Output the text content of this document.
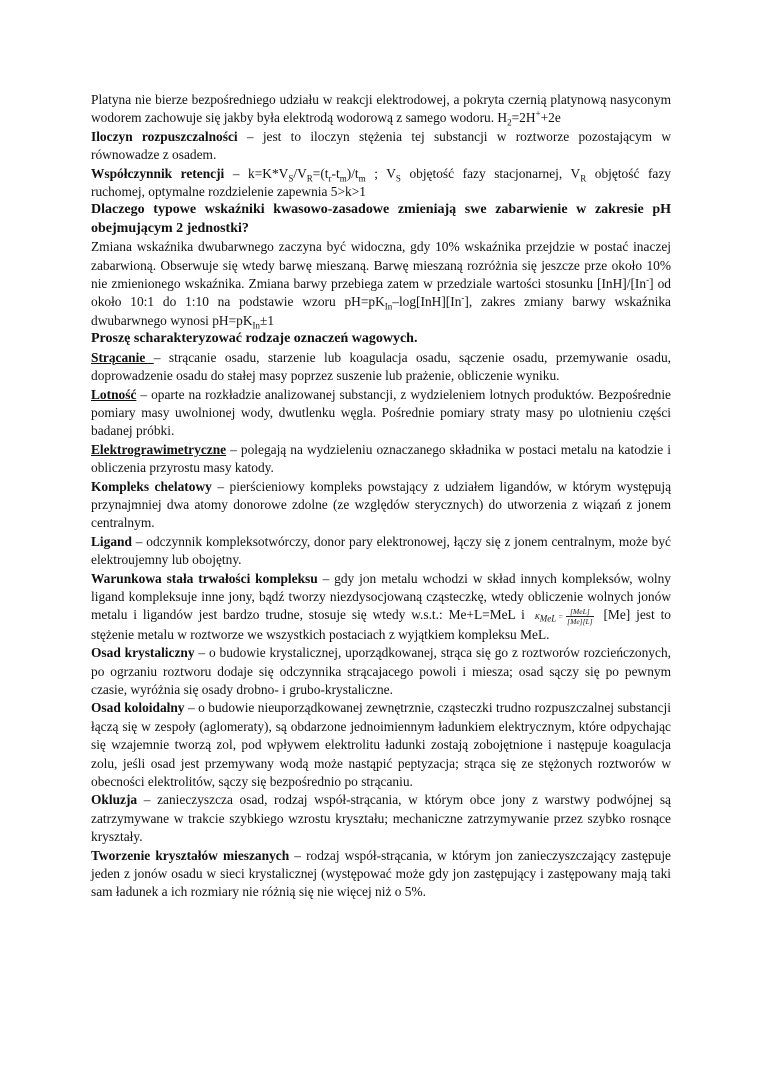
Platyna nie bierze bezpośredniego udziału w reakcji elektrodowej, a pokryta czernią platynową nasyconym wodorem zachowuje się jakby była elektrodą wodorową z samego wodoru. $H_2=2H^++2e$

Iloczyn rozpuszczalności – jest to iloczyn stężenia tej substancji w roztworze pozostającym w równowadze z osadem.

Współczynnik retencji – $k=K*V_S/V_R=(t_r-t_m)/t_m$ ; $V_S$ objętość fazy stacjonarnej, $V_R$ objętość fazy ruchomej, optymalne rozdzielenie zapewnia 5>k>1

Dlaczego typowe wskaźniki kwasowo-zasadowe zmieniają swe zabarwienie w zakresie pH obejmującym 2 jednostki?

Zmiana wskaźnika dwubarwnego zaczyna być widoczna, gdy 10% wskaźnika przejdzie w postać inaczej zabarwioną. Obserwuje się wtedy barwę mieszaną. Barwę mieszaną rozróżnia się jeszcze prze około 10% nie zmienionego wskaźnika. Zmiana barwy przebiega zatem w przedziale wartości stosunku [InH]/[In-] od około 10:1 do 1:10 na podstawie wzoru $pH=pK_{In}-\log[InH][In^-]$, zakres zmiany barwy wskaźnika dwubarwnego wynosi $pH=pK_{In}\pm 1$

Proszę scharakteryzować rodzaje oznaczeń wagowych.

Strącanie – strącanie osadu, starzenie lub koagulacja osadu, sączenie osadu, przemywanie osadu, doprowadzenie osadu do stałej masy poprzez suszenie lub prażenie, obliczenie wyniku.

Lotność – oparte na rozkładzie analizowanej substancji, z wydzieleniem lotnych produktów. Bezpośrednie pomiary masy uwolnionej wody, dwutlenku węgla. Pośrednie pomiary straty masy po ulotnieniu części badanej próbki.

Elektrograwimetryczne – polegają na wydzieleniu oznaczanego składnika w postaci metalu na katodzie i obliczenia przyrostu masy katody.

Kompleks chelatowy – pierścieniowy kompleks powstający z udziałem ligandów, w którym występują przynajmniej dwa atomy donorowe zdolne (ze względów sterycznych) do utworzenia z wiązań z jonem centralnym.

Ligand – odczynnik kompleksotwórczy, donor pary elektronowej, łączy się z jonem centralnym, może być elektroujemny lub obojętny.

Warunkowa stała trwałości kompleksu – gdy jon metalu wchodzi w skład innych kompleksów, wolny ligand kompleksuje inne jony, bądź tworzy niezdysocjowaną cząsteczkę, wtedy obliczenie wolnych jonów metalu i ligandów jest bardzo trudne, stosuje się wtedy w.s.t.: Me+L=MeL i $K_{MeL} = \frac{\text{[MeL]}}{[Me][L]} [Me]$ jest to stężenie metalu w roztworze we wszystkich postaciach z wyjątkiem kompleksu MeL.

Osad krystaliczny – o budowie krystalicznej, uporządkowanej, strąca się go z roztworów rozcieńczonych, po ogrzaniu roztworu dodaje się odczynnika strącajacego powoli i miesza; osad sączy się po pewnym czasie, wyróżnia się osady drobno- i grubo-krystaliczne.

Osad koloidalny – o budowie nieuporządkowanej zewnętrznie, cząsteczki trudno rozpuszczalnej substancji łączą się w zespoły (aglomeraty), są obdarzone jednoimiennym ładunkiem elektrycznym, które odpychając się wzajemnie tworzą zol, pod wpływem elektrolitu ładunki zostają zobojętnione i następuje koagulacja zolu, jeśli osad jest przemywany wodą może nastąpić peptyzacja; strąca się ze stężonych roztworów w obecności elektrolitów, sączy się bezpośrednio po strącaniu.

Okluzja – zanieczyszcza osad, rodzaj współ-strącania, w którym obce jony z warstwy podwójnej są zatrzymywane w trakcie szybkiego wzrostu kryształu; mechaniczne zatrzymywanie przez szybko rosnące kryształy.

Tworzenie kryształów mieszanych – rodzaj współ-strącania, w którym jon zanieczyszczający zastępuje jeden z jonów osadu w sieci krystalicznej (występować może gdy jon zastępujący i zastępowany mają taki sam ładunek a ich rozmiary nie różnią się nie więcej niż o 5%.
